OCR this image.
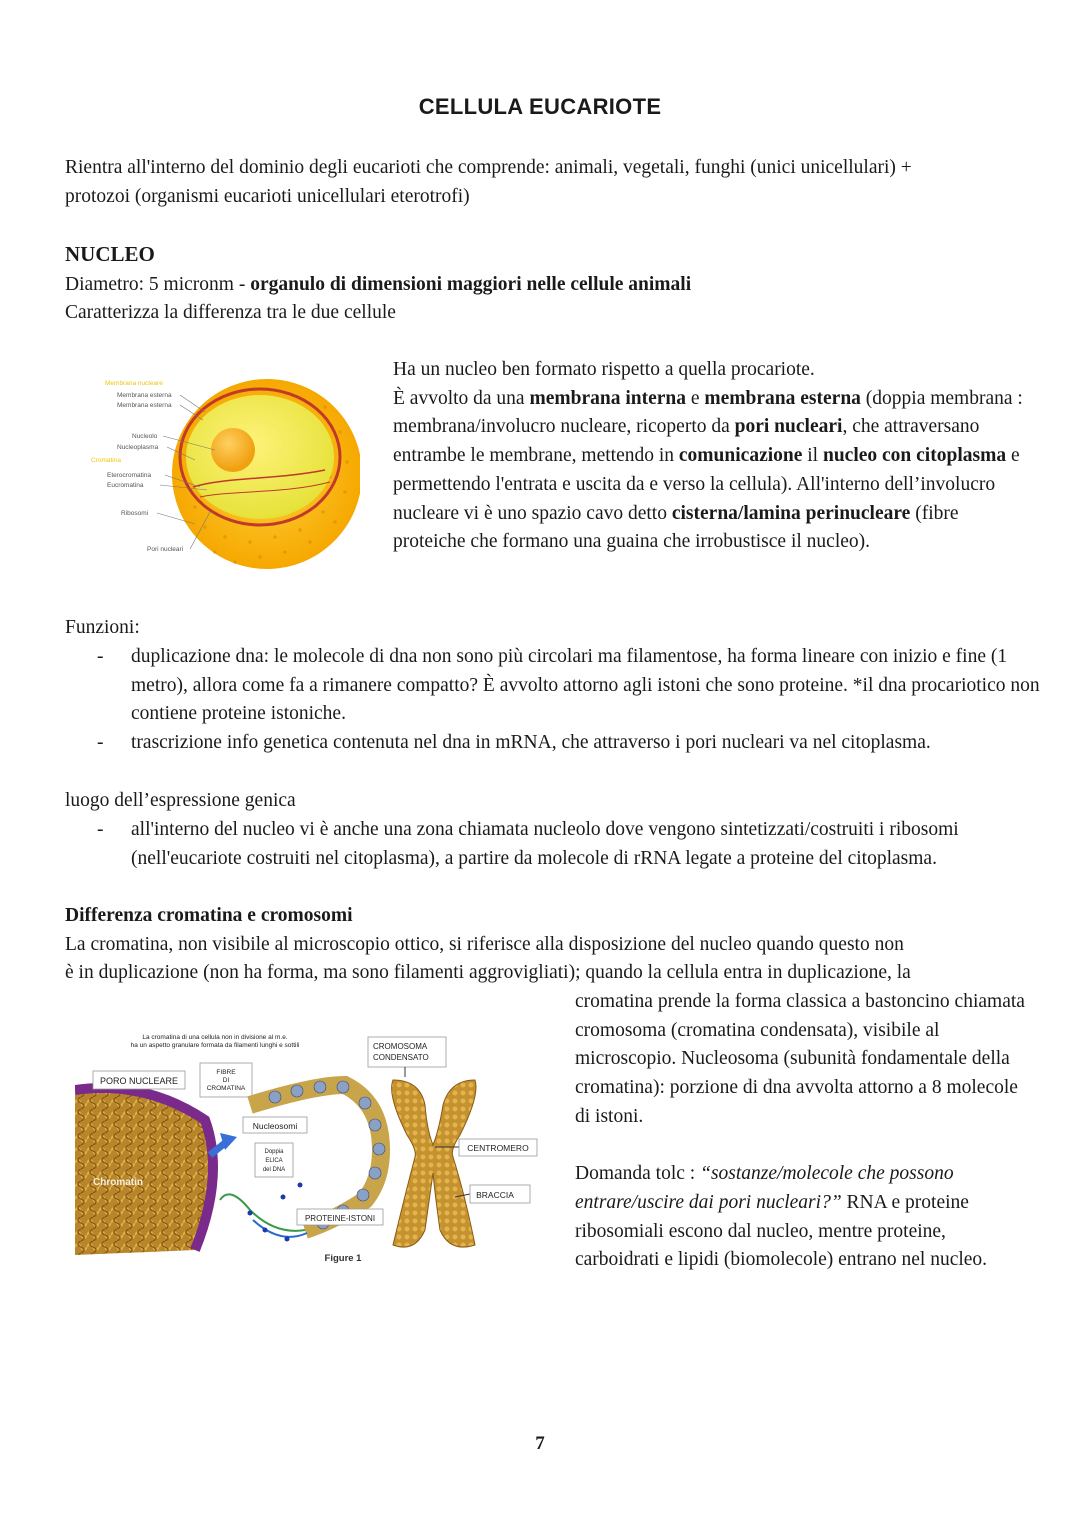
CELLULA EUCARIOTE

Rientra all'interno del dominio degli eucarioti che comprende: animali, vegetali, funghi (unici unicellulari) +
protozoi (organismi eucarioti unicellulari eterotrofi)

NUCLEO
Diametro: 5 micronm - organulo di dimensioni maggiori nelle cellule animali
Caratterizza la differenza tra le due cellule

Membrana nucleare
Membrana esterna
Membrana esterna
Nucleolo
Nucleoplasma
Cromatina
Eterocromatina
Eucromatina
Ribosomi
Pori nucleari
Ha un nucleo ben formato rispetto a quella procariote.
È avvolto da una membrana interna e membrana esterna (doppia membrana : membrana/involucro nucleare, ricoperto da pori nucleari, che attraversano entrambe le membrane, mettendo in comunicazione il nucleo con citoplasma e permettendo l'entrata e uscita da e verso la cellula). All'interno dell’involucro nucleare vi è uno spazio cavo detto cisterna/lamina perinucleare (fibre proteiche che formano una guaina che irrobustisce il nucleo).

Funzioni:

- duplicazione dna: le molecole di dna non sono più circolari ma filamentose, ha forma lineare con inizio e fine (1 metro), allora come fa a rimanere compatto? È avvolto attorno agli istoni che sono proteine. *il dna procariotico non contiene proteine istoniche.
- trascrizione info genetica contenuta nel dna in mRNA, che attraverso i pori nucleari va nel citoplasma.

luogo dell’espressione genica

- all'interno del nucleo vi è anche una zona chiamata nucleolo dove vengono sintetizzati/costruiti i ribosomi (nell'eucariote costruiti nel citoplasma), a partire da molecole di rRNA legate a proteine del citoplasma.

Differenza cromatina e cromosomi
La cromatina, non visibile al microscopio ottico, si riferisce alla disposizione del nucleo quando questo non
è in duplicazione (non ha forma, ma sono filamenti aggrovigliati); quando la cellula entra in duplicazione, la

cromatina prende la forma classica a bastoncino chiamata cromosoma (cromatina condensata), visibile al microscopio. Nucleosoma (subunità fondamentale della cromatina): porzione di dna avvolta attorno a 8 molecole di istoni.
Domanda tolc : “sostanze/molecole che possono entrare/uscire dai pori nucleari?” RNA e proteine ribosomiali escono dal nucleo, mentre proteine, carboidrati e lipidi (biomolecole) entrano nel nucleo.
La cromatina di una cellula non in divisione al m.e.
ha un aspetto granulare formata da filamenti lunghi e sottili
Chromatin
PORO NUCLEARE
FIBRE
DI
CROMATINA
Nucleosomi
Doppia
ELICA
del DNA
PROTEINE-ISTONI
Figure 1
CROMOSOMA
CONDENSATO
CENTROMERO
BRACCIA
7
